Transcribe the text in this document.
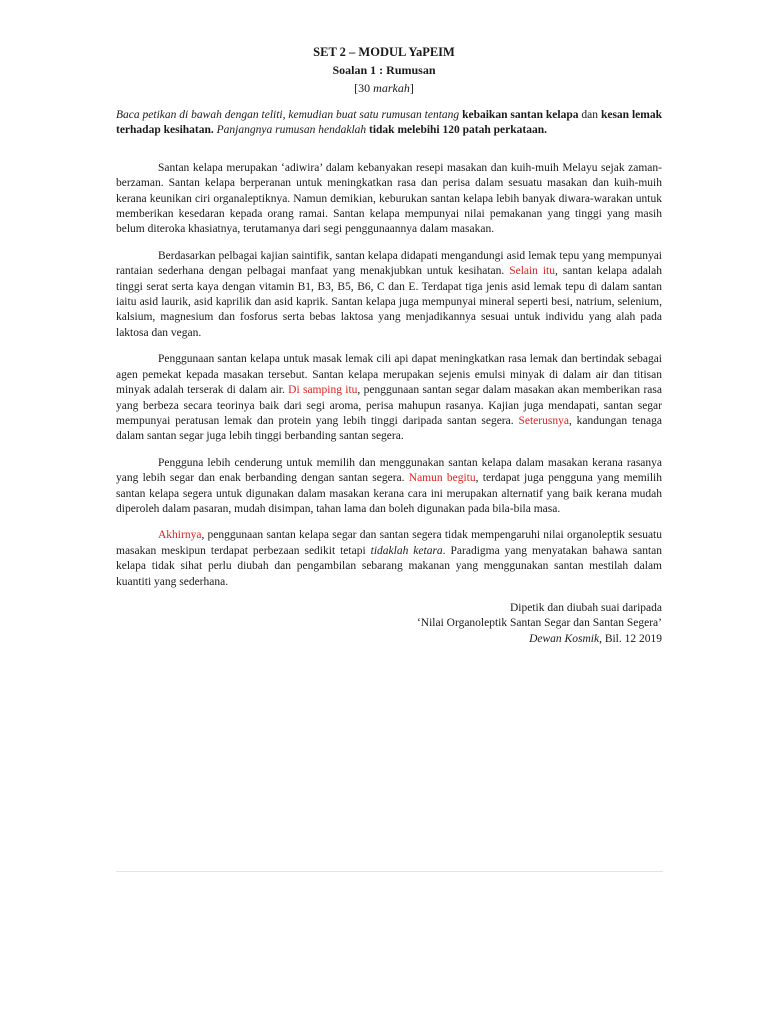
SET 2 – MODUL YaPEIM
Soalan 1 : Rumusan
[30 markah]

Baca petikan di bawah dengan teliti, kemudian buat satu rumusan tentang kebaikan santan kelapa dan kesan lemak terhadap kesihatan. Panjangnya rumusan hendaklah tidak melebihi 120 patah perkataan.

Santan kelapa merupakan ‘adiwira’ dalam kebanyakan resepi masakan dan kuih-muih Melayu sejak zaman-berzaman. Santan kelapa berperanan untuk meningkatkan rasa dan perisa dalam sesuatu masakan dan kuih-muih kerana keunikan ciri organaleptiknya. Namun demikian, keburukan santan kelapa lebih banyak diwara-warakan untuk memberikan kesedaran kepada orang ramai. Santan kelapa mempunyai nilai pemakanan yang tinggi yang masih belum diteroka khasiatnya, terutamanya dari segi penggunaannya dalam masakan.

Berdasarkan pelbagai kajian saintifik, santan kelapa didapati mengandungi asid lemak tepu yang mempunyai rantaian sederhana dengan pelbagai manfaat yang menakjubkan untuk kesihatan. Selain itu, santan kelapa adalah tinggi serat serta kaya dengan vitamin B1, B3, B5, B6, C dan E. Terdapat tiga jenis asid lemak tepu di dalam santan iaitu asid laurik, asid kaprilik dan asid kaprik. Santan kelapa juga mempunyai mineral seperti besi, natrium, selenium, kalsium, magnesium dan fosforus serta bebas laktosa yang menjadikannya sesuai untuk individu yang alah pada laktosa dan vegan.

Penggunaan santan kelapa untuk masak lemak cili api dapat meningkatkan rasa lemak dan bertindak sebagai agen pemekat kepada masakan tersebut. Santan kelapa merupakan sejenis emulsi minyak di dalam air dan titisan minyak adalah terserak di dalam air. Di samping itu, penggunaan santan segar dalam masakan akan memberikan rasa yang berbeza secara teorinya baik dari segi aroma, perisa mahupun rasanya. Kajian juga mendapati, santan segar mempunyai peratusan lemak dan protein yang lebih tinggi daripada santan segera. Seterusnya, kandungan tenaga dalam santan segar juga lebih tinggi berbanding santan segera.

Pengguna lebih cenderung untuk memilih dan menggunakan santan kelapa dalam masakan kerana rasanya yang lebih segar dan enak berbanding dengan santan segera. Namun begitu, terdapat juga pengguna yang memilih santan kelapa segera untuk digunakan dalam masakan kerana cara ini merupakan alternatif yang baik kerana mudah diperoleh dalam pasaran, mudah disimpan, tahan lama dan boleh digunakan pada bila-bila masa.

Akhirnya, penggunaan santan kelapa segar dan santan segera tidak mempengaruhi nilai organoleptik sesuatu masakan meskipun terdapat perbezaan sedikit tetapi tidaklah ketara. Paradigma yang menyatakan bahawa santan kelapa tidak sihat perlu diubah dan pengambilan sebarang makanan yang menggunakan santan mestilah dalam kuantiti yang sederhana.

Dipetik dan diubah suai daripada
‘Nilai Organoleptik Santan Segar dan Santan Segera’
Dewan Kosmik, Bil. 12 2019
